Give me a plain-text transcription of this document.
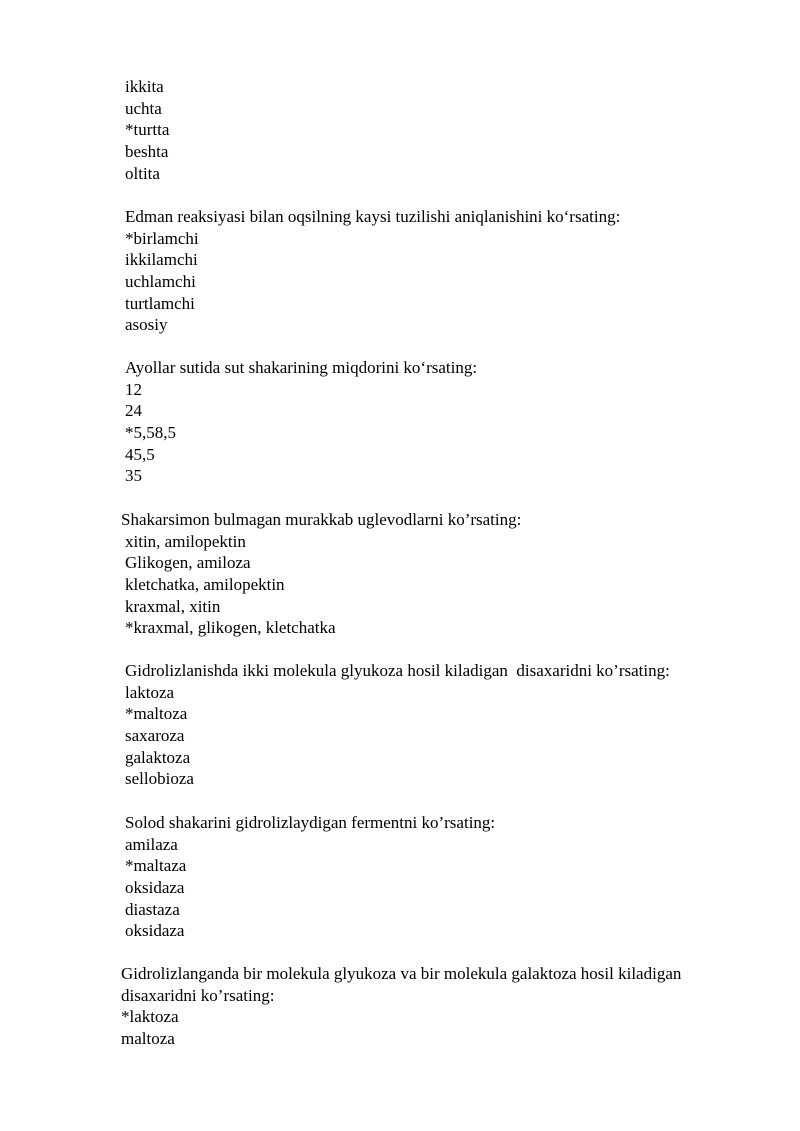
ikkita
uchta
*turtta
beshta
oltita
Edman reaksiyasi bilan oqsilning kaysi tuzilishi aniqlanishini ko‘rsating:
*birlamchi
ikkilamchi
uchlamchi
turtlamchi
asosiy
Ayollar sutida sut shakarining miqdorini ko‘rsating:
12
24
*5,58,5
45,5
35
Shakarsimon bulmagan murakkab uglevodlarni ko’rsating:
xitin, amilopektin
Glikogen, amiloza
kletchatka, amilopektin
kraxmal, xitin
*kraxmal, glikogen, kletchatka
Gidrolizlanishda ikki molekula glyukoza hosil kiladigan  disaxaridni ko’rsating:
laktoza
*maltoza
saxaroza
galaktoza
sellobioza
Solod shakarini gidrolizlaydigan fermentni ko’rsating:
amilaza
*maltaza
oksidaza
diastaza
oksidaza
Gidrolizlanganda bir molekula glyukoza va bir molekula galaktoza hosil kiladigan
disaxaridni ko’rsating:
*laktoza
maltoza
